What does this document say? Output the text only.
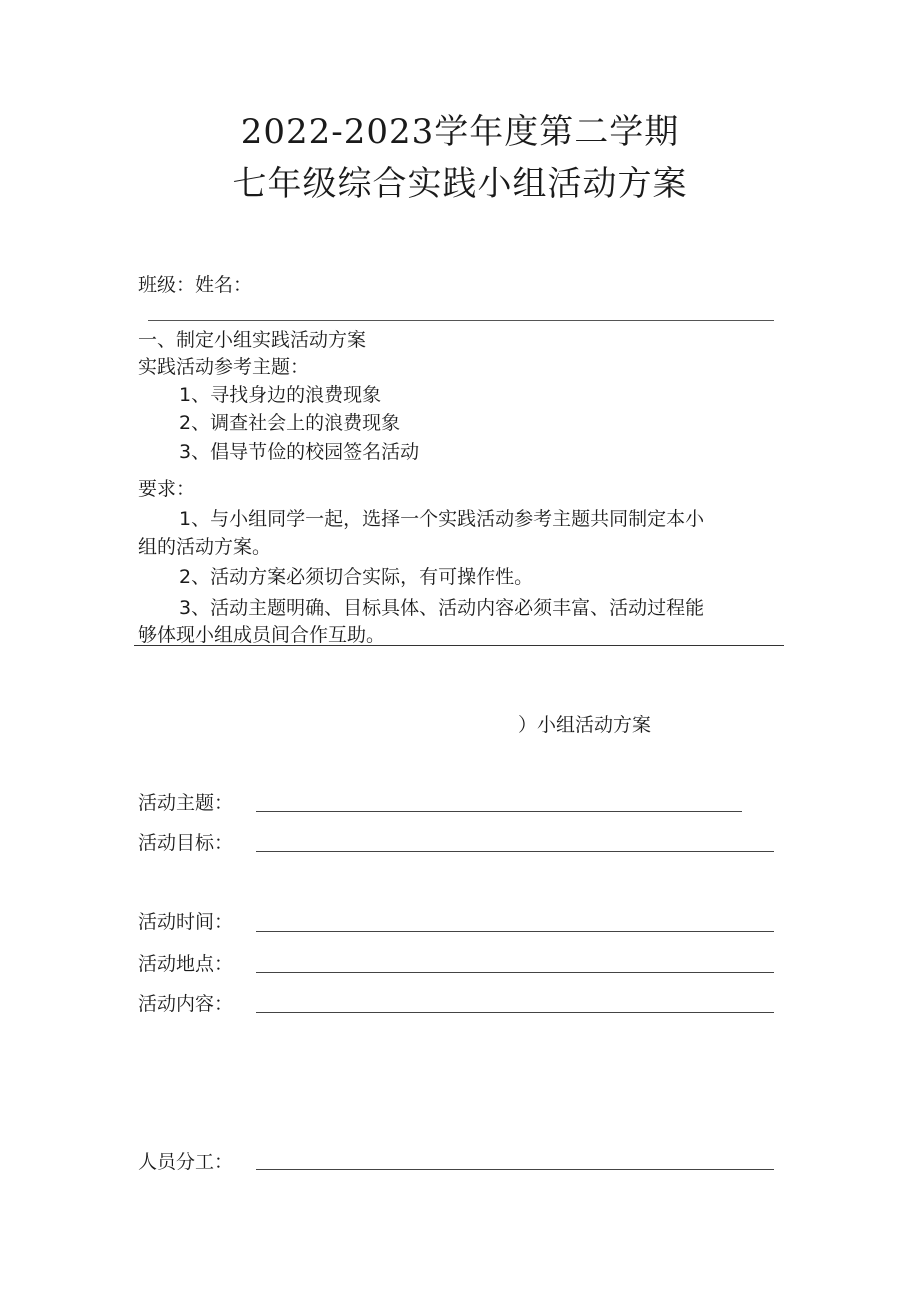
2022-2023学年度第二学期
七年级综合实践小组活动方案
班级：姓名：
一、制定小组实践活动方案
实践活动参考主题：
1、寻找身边的浪费现象
2、调查社会上的浪费现象
3、倡导节俭的校园签名活动
要求：
1、与小组同学一起，选择一个实践活动参考主题共同制定本小
组的活动方案。
2、活动方案必须切合实际，有可操作性。
3、活动主题明确、目标具体、活动内容必须丰富、活动过程能
够体现小组成员间合作互助。
）小组活动方案
活动主题：
活动目标：
活动时间：
活动地点：
活动内容：
人员分工：
